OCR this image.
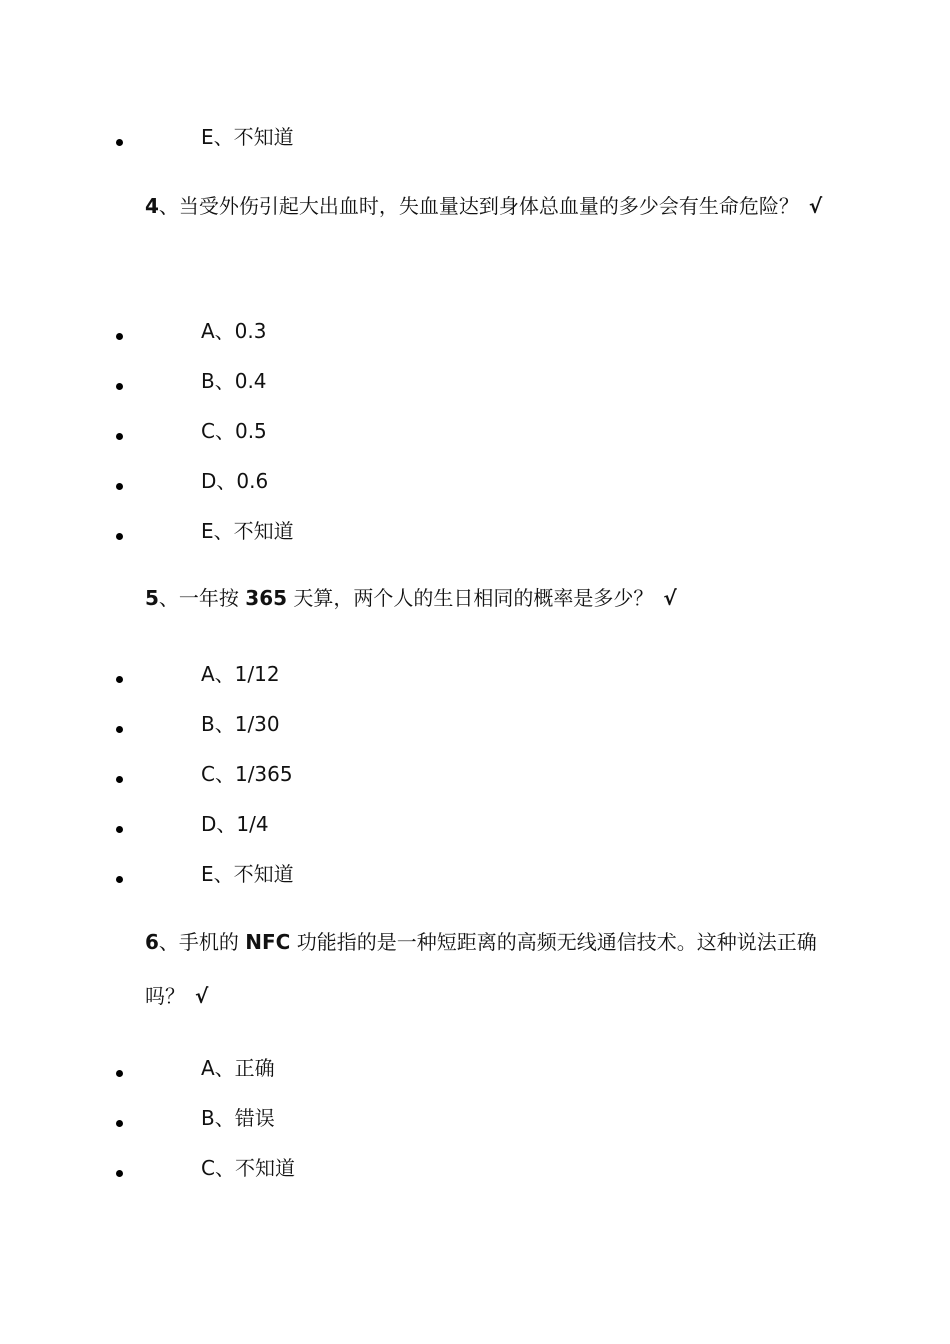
E、不知道
4、当受外伤引起大出血时，失血量达到身体总血量的多少会有生命危险？ √
A、0.3
B、0.4
C、0.5
D、0.6
E、不知道
5、一年按 365 天算，两个人的生日相同的概率是多少？ √
A、1/12
B、1/30
C、1/365
D、1/4
E、不知道
6、手机的 NFC 功能指的是一种短距离的高频无线通信技术。这种说法正确吗？ √
A、正确
B、错误
C、不知道
